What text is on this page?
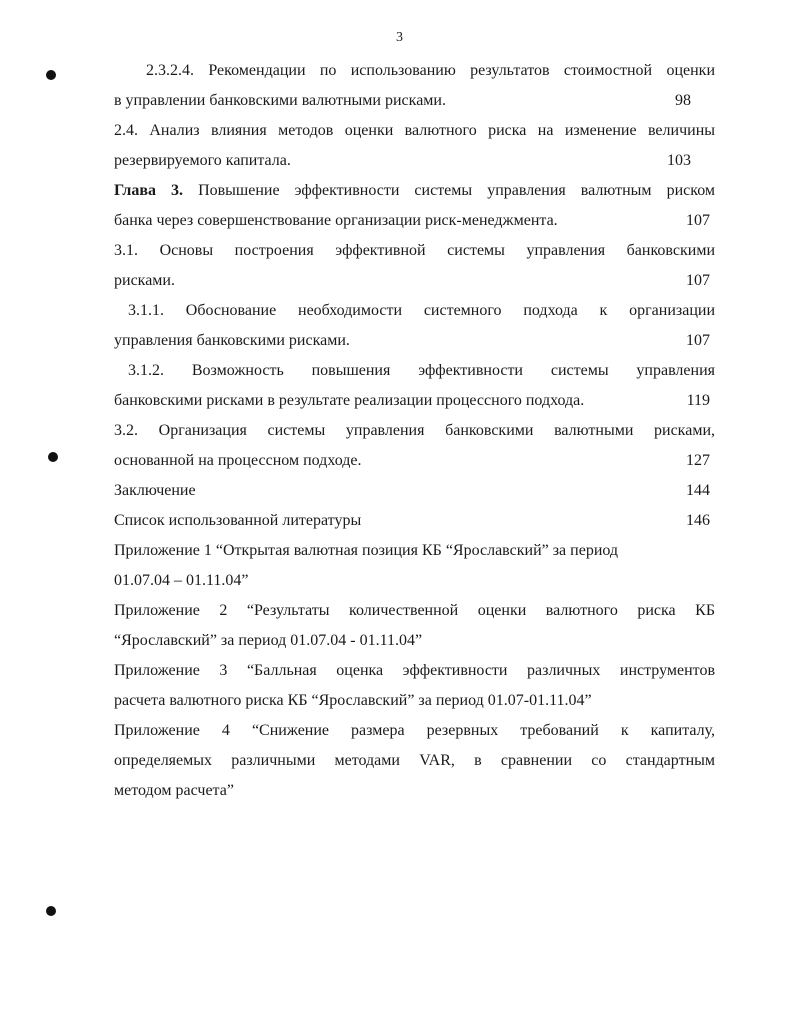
3
2.3.2.4. Рекомендации по использованию результатов стоимостной оценки
в управлении банковскими валютными рисками.	98
2.4. Анализ влияния методов оценки валютного риска на изменение величины
резервируемого капитала.	103
Глава 3. Повышение эффективности системы управления валютным риском
банка через совершенствование организации риск-менеджмента.	107
3.1. Основы построения эффективной системы управления банковскими
рисками.	107
3.1.1. Обоснование необходимости системного подхода к организации
управления банковскими рисками.	107
3.1.2. Возможность повышения эффективности системы управления
банковскими рисками в результате реализации процессного подхода.	119
3.2. Организация системы управления банковскими валютными рисками,
основанной на процессном подходе.	127
Заключение	144
Список использованной литературы	146
Приложение 1 “Открытая валютная позиция КБ “Ярославский” за период
01.07.04 – 01.11.04”
Приложение 2 “Результаты количественной оценки валютного риска КБ
“Ярославский” за период 01.07.04 - 01.11.04”
Приложение 3 “Балльная оценка эффективности различных инструментов
расчета валютного риска КБ “Ярославский” за период 01.07-01.11.04”
Приложение 4 “Снижение размера резервных требований к капиталу,
определяемых различными методами VAR, в сравнении со стандартным
методом расчета”
